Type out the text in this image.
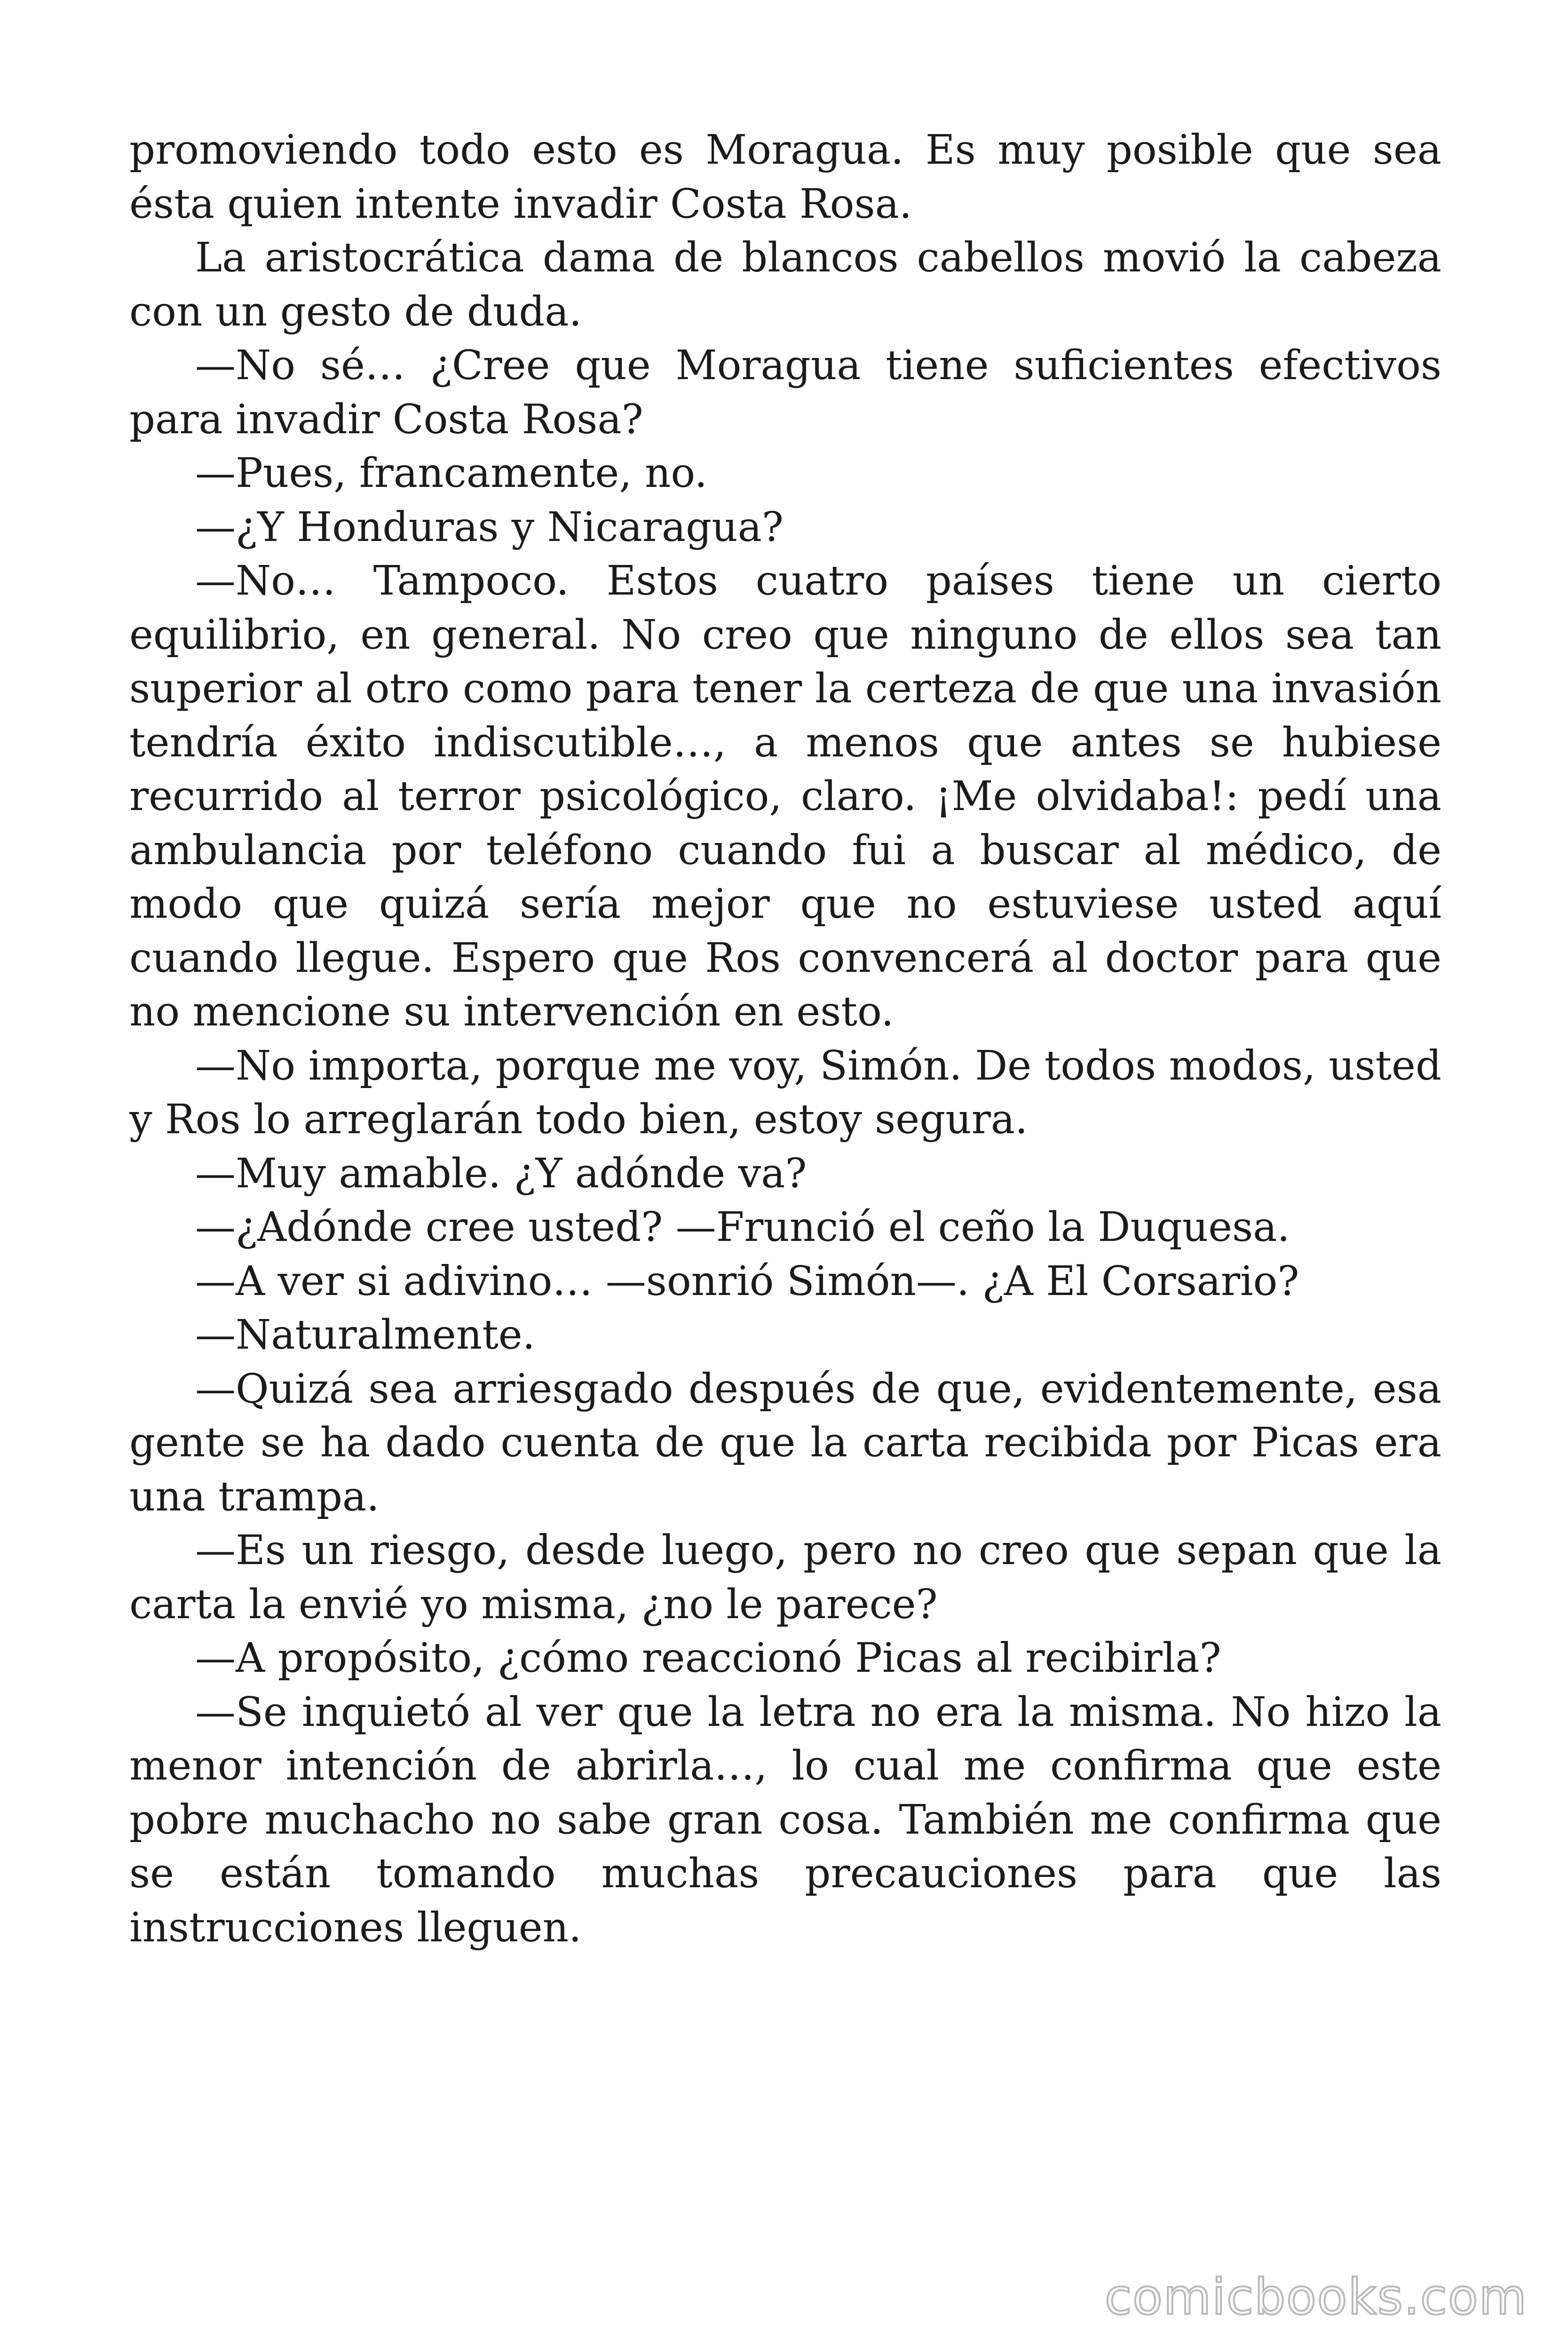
promoviendo todo esto es Moragua. Es muy posible que sea ésta quien intente invadir Costa Rosa.

La aristocrática dama de blancos cabellos movió la cabeza con un gesto de duda.

—No sé… ¿Cree que Moragua tiene suficientes efectivos para invadir Costa Rosa?

—Pues, francamente, no.

—¿Y Honduras y Nicaragua?

—No… Tampoco. Estos cuatro países tiene un cierto equilibrio, en general. No creo que ninguno de ellos sea tan superior al otro como para tener la certeza de que una invasión tendría éxito indiscutible…, a menos que antes se hubiese recurrido al terror psicológico, claro. ¡Me olvidaba!: pedí una ambulancia por teléfono cuando fui a buscar al médico, de modo que quizá sería mejor que no estuviese usted aquí cuando llegue. Espero que Ros convencerá al doctor para que no mencione su intervención en esto.

—No importa, porque me voy, Simón. De todos modos, usted y Ros lo arreglarán todo bien, estoy segura.

—Muy amable. ¿Y adónde va?

—¿Adónde cree usted? —Frunció el ceño la Duquesa.

—A ver si adivino… —sonrió Simón—. ¿A El Corsario?

—Naturalmente.

—Quizá sea arriesgado después de que, evidentemente, esa gente se ha dado cuenta de que la carta recibida por Picas era una trampa.

—Es un riesgo, desde luego, pero no creo que sepan que la carta la envié yo misma, ¿no le parece?

—A propósito, ¿cómo reaccionó Picas al recibirla?

—Se inquietó al ver que la letra no era la misma. No hizo la menor intención de abrirla…, lo cual me confirma que este pobre muchacho no sabe gran cosa. También me confirma que se están tomando muchas precauciones para que las instrucciones lleguen.

comicbooks.com
